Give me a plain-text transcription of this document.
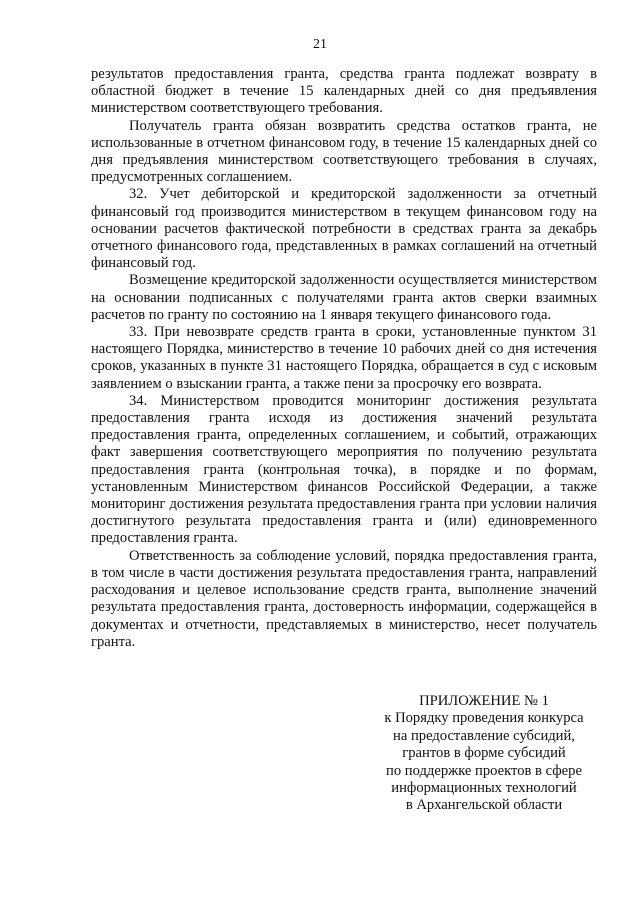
21

результатов предоставления гранта, средства гранта подлежат возврату в областной бюджет в течение 15 календарных дней со дня предъявления министерством соответствующего требования.

Получатель гранта обязан возвратить средства остатков гранта, не использованные в отчетном финансовом году, в течение 15 календарных дней со дня предъявления министерством соответствующего требования в случаях, предусмотренных соглашением.

32. Учет дебиторской и кредиторской задолженности за отчетный финансовый год производится министерством в текущем финансовом году на основании расчетов фактической потребности в средствах гранта за декабрь отчетного финансового года, представленных в рамках соглашений на отчетный финансовый год.

Возмещение кредиторской задолженности осуществляется министерством на основании подписанных с получателями гранта актов сверки взаимных расчетов по гранту по состоянию на 1 января текущего финансового года.

33. При невозврате средств гранта в сроки, установленные пунктом 31 настоящего Порядка, министерство в течение 10 рабочих дней со дня истечения сроков, указанных в пункте 31 настоящего Порядка, обращается в суд с исковым заявлением о взыскании гранта, а также пени за просрочку его возврата.

34. Министерством проводится мониторинг достижения результата предоставления гранта исходя из достижения значений результата предоставления гранта, определенных соглашением, и событий, отражающих факт завершения соответствующего мероприятия по получению результата предоставления гранта (контрольная точка), в порядке и по формам, установленным Министерством финансов Российской Федерации, а также мониторинг достижения результата предоставления гранта при условии наличия достигнутого результата предоставления гранта и (или) единовременного предоставления гранта.

Ответственность за соблюдение условий, порядка предоставления гранта, в том числе в части достижения результата предоставления гранта, направлений расходования и целевое использование средств гранта, выполнение значений результата предоставления гранта, достоверность информации, содержащейся в документах и отчетности, представляемых в министерство, несет получатель гранта.

ПРИЛОЖЕНИЕ № 1
к Порядку проведения конкурса
на предоставление субсидий,
грантов в форме субсидий
по поддержке проектов в сфере
информационных технологий
в Архангельской области
